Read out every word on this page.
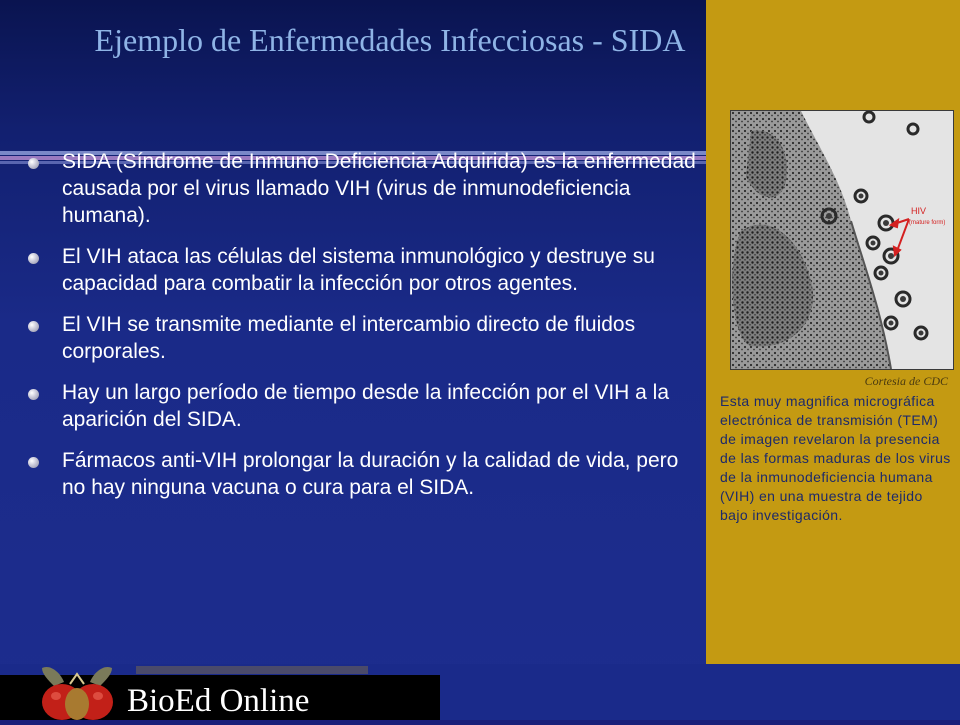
Ejemplo de Enfermedades Infecciosas - SIDA
SIDA (Síndrome de Inmuno Deficiencia Adquirida) es la enfermedad causada por el virus llamado VIH (virus de inmunodeficiencia humana).
El VIH ataca las células del sistema inmunológico y destruye su capacidad para combatir la infección por otros agentes.
El VIH se transmite mediante el intercambio directo de fluidos corporales.
Hay un largo período de tiempo desde la infección por el VIH a la aparición del SIDA.
Fármacos anti-VIH prolongar la duración y la calidad de vida, pero no hay ninguna vacuna o cura para el SIDA.
HIV
(mature form)
Cortesia de CDC
Esta muy magnifica micrográfica electrónica de transmisión (TEM) de imagen revelaron la presencia de las formas maduras de los virus de la inmunodeficiencia humana (VIH) en una muestra de tejido bajo investigación.
BioEd Online
